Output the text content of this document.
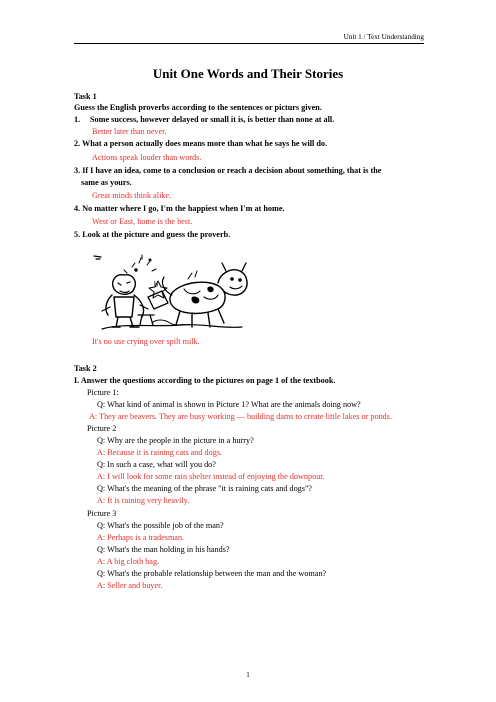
Unit 1 / Text Understanding
Unit One Words and Their Stories
Task 1
Guess the English proverbs according to the sentences or picturs given.
1. Some success, however delayed or small it is, is better than none at all.
Better later than never.
2. What a person actually does means more than what he says he will do.
Actions speak louder than words.
3. If I have an idea, come to a conclusion or reach a decision about something, that is the
same as yours.
Great minds think alike.
4. No matter where I go, I'm the happiest when I'm at home.
West or East, home is the best.
5. Look at the picture and guess the proverb.
b
It's no use crying over spilt milk.
Task 2
I. Answer the questions according to the pictures on page 1 of the textbook.
Picture 1:
Q: What kind of animal is shown in Picture 1? What are the animals doing now?
A: They are beavers. They are busy working — building dams to create little lakes or ponds.
Picture 2
Q: Why are the people in the picture in a hurry?
A: Because it is raining cats and dogs.
Q: In such a case, what will you do?
A: I will look for some rain shelter instead of enjoying the downpour.
Q: What's the meaning of the phrase "it is raining cats and dogs"?
A: It is raining very heavily.
Picture 3
Q: What's the possible job of the man?
A: Perhaps is a tradesman.
Q: What's the man holding in his hands?
A: A big cloth bag.
Q: What's the probable relationship between the man and the woman?
A: Seller and buyer.
1
